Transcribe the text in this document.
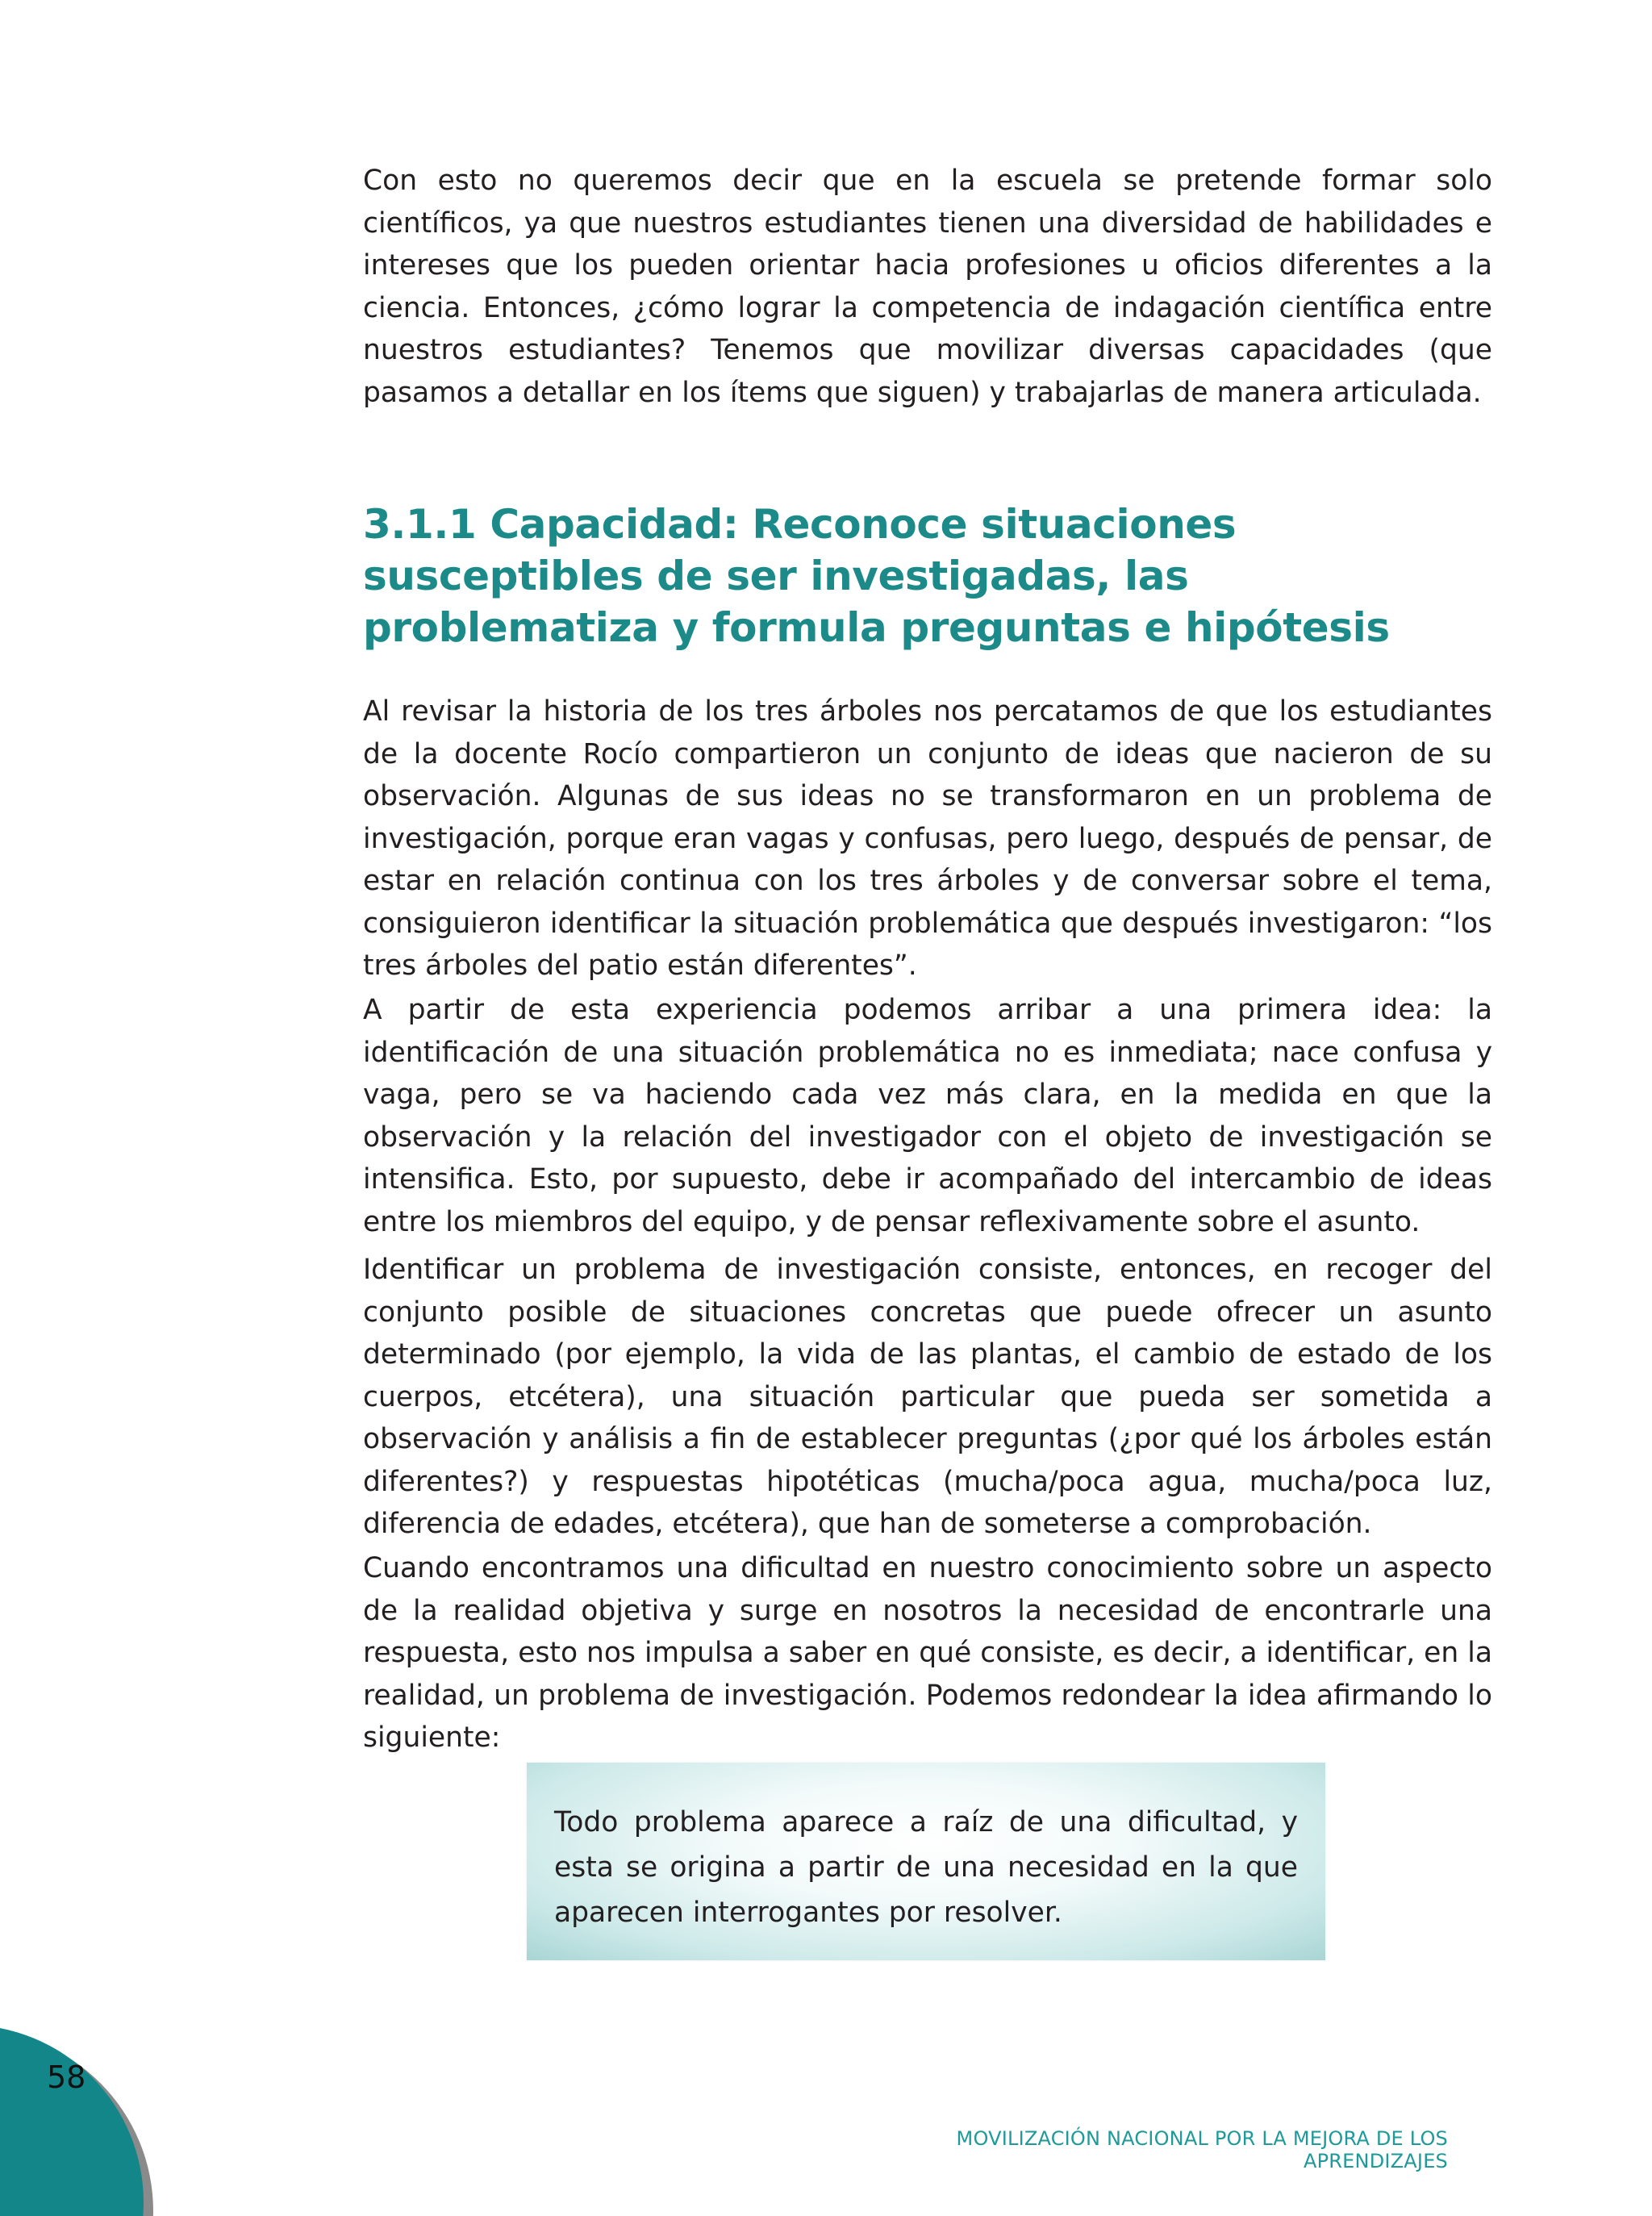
Con esto no queremos decir que en la escuela se pretende formar solo científicos, ya que nuestros estudiantes tienen una diversidad de habilidades e intereses que los pueden orientar hacia profesiones u oficios diferentes a la ciencia. Entonces, ¿cómo lograr la competencia de indagación científica entre nuestros estudiantes? Tenemos que movilizar diversas capacidades (que pasamos a detallar en los ítems que siguen) y trabajarlas de manera articulada.

3.1.1 Capacidad: Reconoce situaciones susceptibles de ser investigadas, las problematiza y formula preguntas e hipótesis

Al revisar la historia de los tres árboles nos percatamos de que los estudiantes de la docente Rocío compartieron un conjunto de ideas que nacieron de su observación. Algunas de sus ideas no se transformaron en un problema de investigación, porque eran vagas y confusas, pero luego, después de pensar, de estar en relación continua con los tres árboles y de conversar sobre el tema, consiguieron identificar la situación problemática que después investigaron: “los tres árboles del patio están diferentes”.

A partir de esta experiencia podemos arribar a una primera idea: la identificación de una situación problemática no es inmediata; nace confusa y vaga, pero se va haciendo cada vez más clara, en la medida en que la observación y la relación del investigador con el objeto de investigación se intensifica. Esto, por supuesto, debe ir acompañado del intercambio de ideas entre los miembros del equipo, y de pensar reflexivamente sobre el asunto.

Identificar un problema de investigación consiste, entonces, en recoger del conjunto posible de situaciones concretas que puede ofrecer un asunto determinado (por ejemplo, la vida de las plantas, el cambio de estado de los cuerpos, etcétera), una situación particular que pueda ser sometida a observación y análisis a fin de establecer preguntas (¿por qué los árboles están diferentes?) y respuestas hipotéticas (mucha/poca agua, mucha/poca luz, diferencia de edades, etcétera), que han de someterse a comprobación.

Cuando encontramos una dificultad en nuestro conocimiento sobre un aspecto de la realidad objetiva y surge en nosotros la necesidad de encontrarle una respuesta, esto nos impulsa a saber en qué consiste, es decir, a identificar, en la realidad, un problema de investigación. Podemos redondear la idea afirmando lo siguiente:

Todo problema aparece a raíz de una dificultad, y esta se origina a partir de una necesidad en la que aparecen interrogantes por resolver.

58
MOVILIZACIÓN NACIONAL POR LA MEJORA DE LOS APRENDIZAJES
